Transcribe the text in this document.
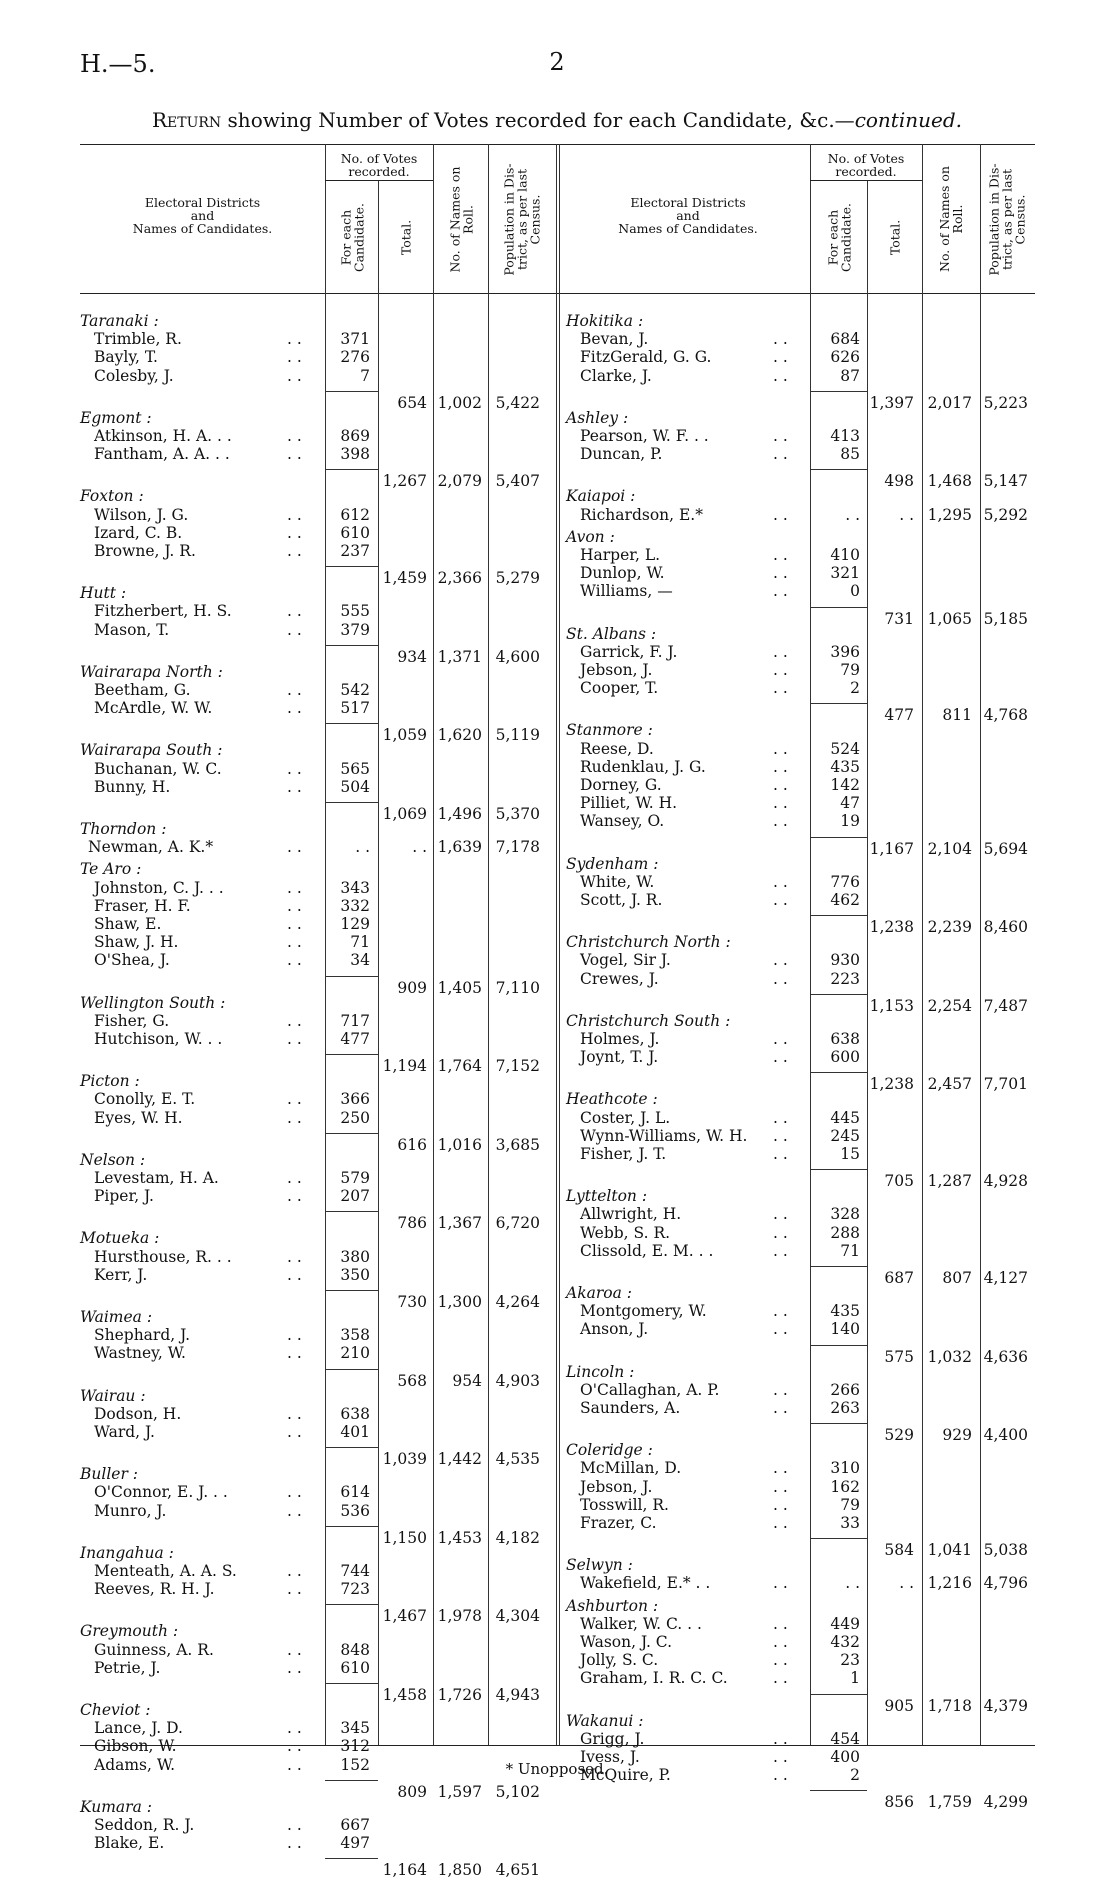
H.—5.	2
Return showing Number of Votes recorded for each Candidate, &c.—continued.
Electoral Districts
and
Names of Candidates.
No. of Votes
recorded.
For each
Candidate.	Total.
No. of Names on
Roll.	Population in Dis-
trict, as per last
Census.
Taranaki :
Trimble, R.	. .	371
Bayly, T.	. .	276
Colesby, J.	. .	7
654 1,002 5,422
Egmont :
Atkinson, H. A. . .	. .	869
Fantham, A. A. . .	. .	398
1,267 2,079 5,407
Foxton :
Wilson, J. G.	. .	612
Izard, C. B.	. .	610
Browne, J. R.	. .	237
1,459 2,366 5,279
Hutt :
Fitzherbert, H. S.	. .	555
Mason, T.	. .	379
934 1,371 4,600
Wairarapa North :
Beetham, G.	. .	542
McArdle, W. W.	. .	517
1,059 1,620 5,119
Wairarapa South :
Buchanan, W. C.	. .	565
Bunny, H.	. .	504
1,069 1,496 5,370
Thorndon :
Newman, A. K.*	. .	. .	. . 1,639 7,178
Te Aro :
Johnston, C. J. . .	. .	343
Fraser, H. F.	. .	332
Shaw, E.	. .	129
Shaw, J. H.	. .	71
O'Shea, J.	. .	34
909 1,405 7,110
Wellington South :
Fisher, G.	. .	717
Hutchison, W. . .	. .	477
1,194 1,764 7,152
Picton :
Conolly, E. T.	. .	366
Eyes, W. H.	. .	250
616 1,016 3,685
Nelson :
Levestam, H. A.	. .	579
Piper, J.	. .	207
786 1,367 6,720
Motueka :
Hursthouse, R. . .	. .	380
Kerr, J.	. .	350
730 1,300 4,264
Waimea :
Shephard, J.	. .	358
Wastney, W.	. .	210
568	954 4,903
Wairau :
Dodson, H.	. .	638
Ward, J.	. .	401
1,039 1,442 4,535
Buller :
O'Connor, E. J. . .	. .	614
Munro, J.	. .	536
1,150 1,453 4,182
Inangahua :
Menteath, A. A. S.	. .	744
Reeves, R. H. J.	. .	723
1,467 1,978 4,304
Greymouth :
Guinness, A. R.	. .	848
Petrie, J.	. .	610
1,458 1,726 4,943
Cheviot :
Lance, J. D.	. .	345
Gibson, W.	. .	312
Adams, W.	. .	152
809 1,597 5,102
Kumara :
Seddon, R. J.	. .	667
Blake, E.	. .	497
1,164 1,850 4,651
Electoral Districts
and
Names of Candidates.
No. of Votes
recorded.
For each
Candidate.	Total.
No. of Names on
Roll.	Population in Dis-
trict, as per last
Census.
Hokitika :
Bevan, J.	. .	684
FitzGerald, G. G.	. .	626
Clarke, J.	. .	87
1,397 2,017 5,223
Ashley :
Pearson, W. F. . .	. .	413
Duncan, P.	. .	85
498 1,468 5,147
Kaiapoi :
Richardson, E.*	. .	. .	. . 1,295 5,292
Avon :
Harper, L.	. .	410
Dunlop, W.	. .	321
Williams, —	. .	0
731 1,065 5,185
St. Albans :
Garrick, F. J.	. .	396
Jebson, J.	. .	79
Cooper, T.	. .	2
477	811 4,768
Stanmore :
Reese, D.	. .	524
Rudenklau, J. G.	. .	435
Dorney, G.	. .	142
Pilliet, W. H.	. .	47
Wansey, O.	. .	19
1,167 2,104 5,694
Sydenham :
White, W.	. .	776
Scott, J. R.	. .	462
1,238 2,239 8,460
Christchurch North :
Vogel, Sir J.	. .	930
Crewes, J.	. .	223
1,153 2,254 7,487
Christchurch South :
Holmes, J.	. .	638
Joynt, T. J.	. .	600
1,238 2,457 7,701
Heathcote :
Coster, J. L.	. .	445
Wynn-Williams, W. H. . .	245
Fisher, J. T.	. .	15
705 1,287 4,928
Lyttelton :
Allwright, H.	. .	328
Webb, S. R.	. .	288
Clissold, E. M. . .	. .	71
687	807 4,127
Akaroa :
Montgomery, W.	. .	435
Anson, J.	. .	140
575 1,032 4,636
Lincoln :
O'Callaghan, A. P.	. .	266
Saunders, A.	. .	263
529	929 4,400
Coleridge :
McMillan, D.	. .	310
Jebson, J.	. .	162
Tosswill, R.	. .	79
Frazer, C.	. .	33
584 1,041 5,038
Selwyn :
Wakefield, E.* . .	. .	. .	. . 1,216 4,796
Ashburton :
Walker, W. C. . .	. .	449
Wason, J. C.	. .	432
Jolly, S. C.	. .	23
Graham, I. R. C. C.	. .	1
905 1,718 4,379
Wakanui :
Grigg, J.	. .	454
Ivess, J.	. .	400
McQuire, P.	. .	2
856 1,759 4,299
* Unopposed.
